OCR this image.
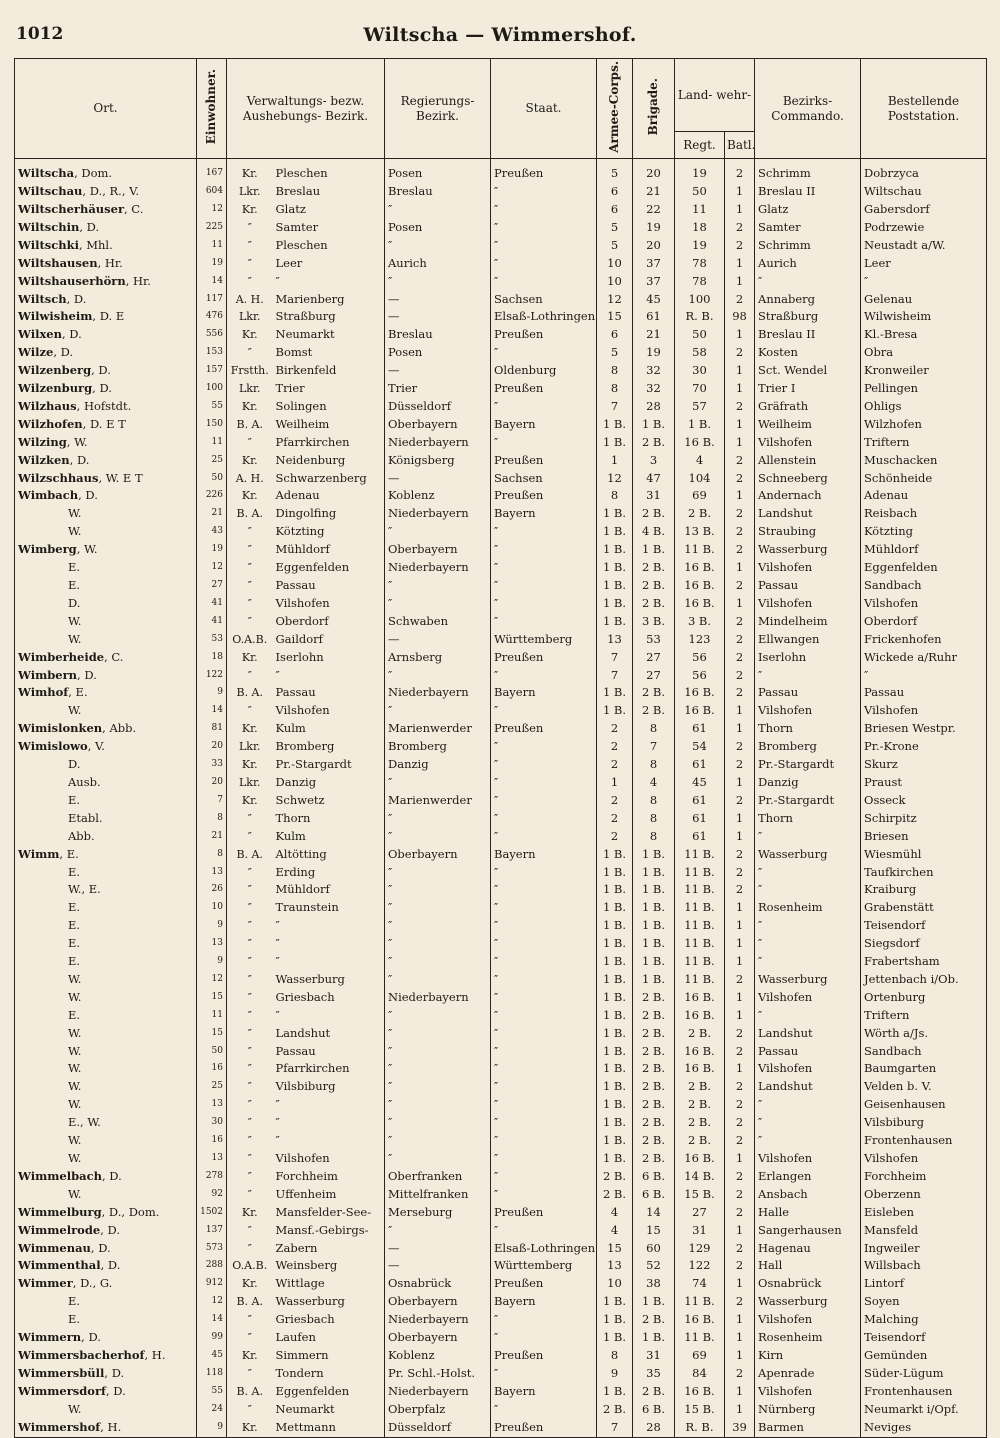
1012	Wiltscha — Wimmershof.
Ort.	Einwohner.	Verwaltungs- bezw. Aushebungs- Bezirk.		Regierungs- Bezirk.	Staat.	Armee-Corps.	Brigade.	Land- wehr-		Bezirks- Commando.	Bestellende Poststation.
								Regt.	Batl.		
Wiltscha, Dom.	167	Kr.	Pleschen	Posen	Preußen	5	20	19	2	Schrimm	Dobrzyca
Wiltschau, D., R., V.	604	Lkr.	Breslau	Breslau	″	6	21	50	1	Breslau II	Wiltschau
Wiltscherhäuser, C.	12	Kr.	Glatz	″	″	6	22	11	1	Glatz	Gabersdorf
Wiltschin, D.	225	″	Samter	Posen	″	5	19	18	2	Samter	Podrzewie
Wiltschki, Mhl.	11	″	Pleschen	″	″	5	20	19	2	Schrimm	Neustadt a/W.
Wiltshausen, Hr.	19	″	Leer	Aurich	″	10	37	78	1	Aurich	Leer
Wiltshauserhörn, Hr.	14	″	″	″	″	10	37	78	1	″	″
Wiltsch, D.	117	A. H.	Marienberg	—	Sachsen	12	45	100	2	Annaberg	Gelenau
Wilwisheim, D. E	476	Lkr.	Straßburg	—	Elsaß-Lothringen	15	61	R. B.	98	Straßburg	Wilwisheim
Wilxen, D.	556	Kr.	Neumarkt	Breslau	Preußen	6	21	50	1	Breslau II	Kl.-Bresa
Wilze, D.	153	″	Bomst	Posen	″	5	19	58	2	Kosten	Obra
Wilzenberg, D.	157	Frstth.	Birkenfeld	—	Oldenburg	8	32	30	1	Sct. Wendel	Kronweiler
Wilzenburg, D.	100	Lkr.	Trier	Trier	Preußen	8	32	70	1	Trier I	Pellingen
Wilzhaus, Hofstdt.	55	Kr.	Solingen	Düsseldorf	″	7	28	57	2	Gräfrath	Ohligs
Wilzhofen, D. E T	150	B. A.	Weilheim	Oberbayern	Bayern	1 B.	1 B.	1 B.	1	Weilheim	Wilzhofen
Wilzing, W.	11	″	Pfarrkirchen	Niederbayern	″	1 B.	2 B.	16 B.	1	Vilshofen	Triftern
Wilzken, D.	25	Kr.	Neidenburg	Königsberg	Preußen	1	3	4	2	Allenstein	Muschacken
Wilzschhaus, W. E T	50	A. H.	Schwarzenberg	—	Sachsen	12	47	104	2	Schneeberg	Schönheide
Wimbach, D.	226	Kr.	Adenau	Koblenz	Preußen	8	31	69	1	Andernach	Adenau
W.	21	B. A.	Dingolfing	Niederbayern	Bayern	1 B.	2 B.	2 B.	2	Landshut	Reisbach
W.	43	″	Kötzting	″	″	1 B.	4 B.	13 B.	2	Straubing	Kötzting
Wimberg, W.	19	″	Mühldorf	Oberbayern	″	1 B.	1 B.	11 B.	2	Wasserburg	Mühldorf
E.	12	″	Eggenfelden	Niederbayern	″	1 B.	2 B.	16 B.	1	Vilshofen	Eggenfelden
E.	27	″	Passau	″	″	1 B.	2 B.	16 B.	2	Passau	Sandbach
D.	41	″	Vilshofen	″	″	1 B.	2 B.	16 B.	1	Vilshofen	Vilshofen
W.	41	″	Oberdorf	Schwaben	″	1 B.	3 B.	3 B.	2	Mindelheim	Oberdorf
W.	53	O.A.B.	Gaildorf	—	Württemberg	13	53	123	2	Ellwangen	Frickenhofen
Wimberheide, C.	18	Kr.	Iserlohn	Arnsberg	Preußen	7	27	56	2	Iserlohn	Wickede a/Ruhr
Wimbern, D.	122	″	″	″	″	7	27	56	2	″	″
Wimhof, E.	9	B. A.	Passau	Niederbayern	Bayern	1 B.	2 B.	16 B.	2	Passau	Passau
W.	14	″	Vilshofen	″	″	1 B.	2 B.	16 B.	1	Vilshofen	Vilshofen
Wimislonken, Abb.	81	Kr.	Kulm	Marienwerder	Preußen	2	8	61	1	Thorn	Briesen Westpr.
Wimislowo, V.	20	Lkr.	Bromberg	Bromberg	″	2	7	54	2	Bromberg	Pr.-Krone
D.	33	Kr.	Pr.-Stargardt	Danzig	″	2	8	61	2	Pr.-Stargardt	Skurz
Ausb.	20	Lkr.	Danzig	″	″	1	4	45	1	Danzig	Praust
E.	7	Kr.	Schwetz	Marienwerder	″	2	8	61	2	Pr.-Stargardt	Osseck
Etabl.	8	″	Thorn	″	″	2	8	61	1	Thorn	Schirpitz
Abb.	21	″	Kulm	″	″	2	8	61	1	″	Briesen
Wimm, E.	8	B. A.	Altötting	Oberbayern	Bayern	1 B.	1 B.	11 B.	2	Wasserburg	Wiesmühl
E.	13	″	Erding	″	″	1 B.	1 B.	11 B.	2	″	Taufkirchen
W., E.	26	″	Mühldorf	″	″	1 B.	1 B.	11 B.	2	″	Kraiburg
E.	10	″	Traunstein	″	″	1 B.	1 B.	11 B.	1	Rosenheim	Grabenstätt
E.	9	″	″	″	″	1 B.	1 B.	11 B.	1	″	Teisendorf
E.	13	″	″	″	″	1 B.	1 B.	11 B.	1	″	Siegsdorf
E.	9	″	″	″	″	1 B.	1 B.	11 B.	1	″	Frabertsham
W.	12	″	Wasserburg	″	″	1 B.	1 B.	11 B.	2	Wasserburg	Jettenbach i/Ob.
W.	15	″	Griesbach	Niederbayern	″	1 B.	2 B.	16 B.	1	Vilshofen	Ortenburg
E.	11	″	″	″	″	1 B.	2 B.	16 B.	1	″	Triftern
W.	15	″	Landshut	″	″	1 B.	2 B.	2 B.	2	Landshut	Wörth a/Js.
W.	50	″	Passau	″	″	1 B.	2 B.	16 B.	2	Passau	Sandbach
W.	16	″	Pfarrkirchen	″	″	1 B.	2 B.	16 B.	1	Vilshofen	Baumgarten
W.	25	″	Vilsbiburg	″	″	1 B.	2 B.	2 B.	2	Landshut	Velden b. V.
W.	13	″	″	″	″	1 B.	2 B.	2 B.	2	″	Geisenhausen
E., W.	30	″	″	″	″	1 B.	2 B.	2 B.	2	″	Vilsbiburg
W.	16	″	″	″	″	1 B.	2 B.	2 B.	2	″	Frontenhausen
W.	13	″	Vilshofen	″	″	1 B.	2 B.	16 B.	1	Vilshofen	Vilshofen
Wimmelbach, D.	278	″	Forchheim	Oberfranken	″	2 B.	6 B.	14 B.	2	Erlangen	Forchheim
W.	92	″	Uffenheim	Mittelfranken	″	2 B.	6 B.	15 B.	2	Ansbach	Oberzenn
Wimmelburg, D., Dom.	1502	Kr.	Mansfelder-See-	Merseburg	Preußen	4	14	27	2	Halle	Eisleben
Wimmelrode, D.	137	″	Mansf.-Gebirgs-	″	″	4	15	31	1	Sangerhausen	Mansfeld
Wimmenau, D.	573	″	Zabern	—	Elsaß-Lothringen	15	60	129	2	Hagenau	Ingweiler
Wimmenthal, D.	288	O.A.B.	Weinsberg	—	Württemberg	13	52	122	2	Hall	Willsbach
Wimmer, D., G.	912	Kr.	Wittlage	Osnabrück	Preußen	10	38	74	1	Osnabrück	Lintorf
E.	12	B. A.	Wasserburg	Oberbayern	Bayern	1 B.	1 B.	11 B.	2	Wasserburg	Soyen
E.	14	″	Griesbach	Niederbayern	″	1 B.	2 B.	16 B.	1	Vilshofen	Malching
Wimmern, D.	99	″	Laufen	Oberbayern	″	1 B.	1 B.	11 B.	1	Rosenheim	Teisendorf
Wimmersbacherhof, H.	45	Kr.	Simmern	Koblenz	Preußen	8	31	69	1	Kirn	Gemünden
Wimmersbüll, D.	118	″	Tondern	Pr. Schl.-Holst.	″	9	35	84	2	Apenrade	Süder-Lügum
Wimmersdorf, D.	55	B. A.	Eggenfelden	Niederbayern	Bayern	1 B.	2 B.	16 B.	1	Vilshofen	Frontenhausen
W.	24	″	Neumarkt	Oberpfalz	″	2 B.	6 B.	15 B.	1	Nürnberg	Neumarkt i/Opf.
Wimmershof, H.	9	Kr.	Mettmann	Düsseldorf	Preußen	7	28	R. B.	39	Barmen	Neviges
